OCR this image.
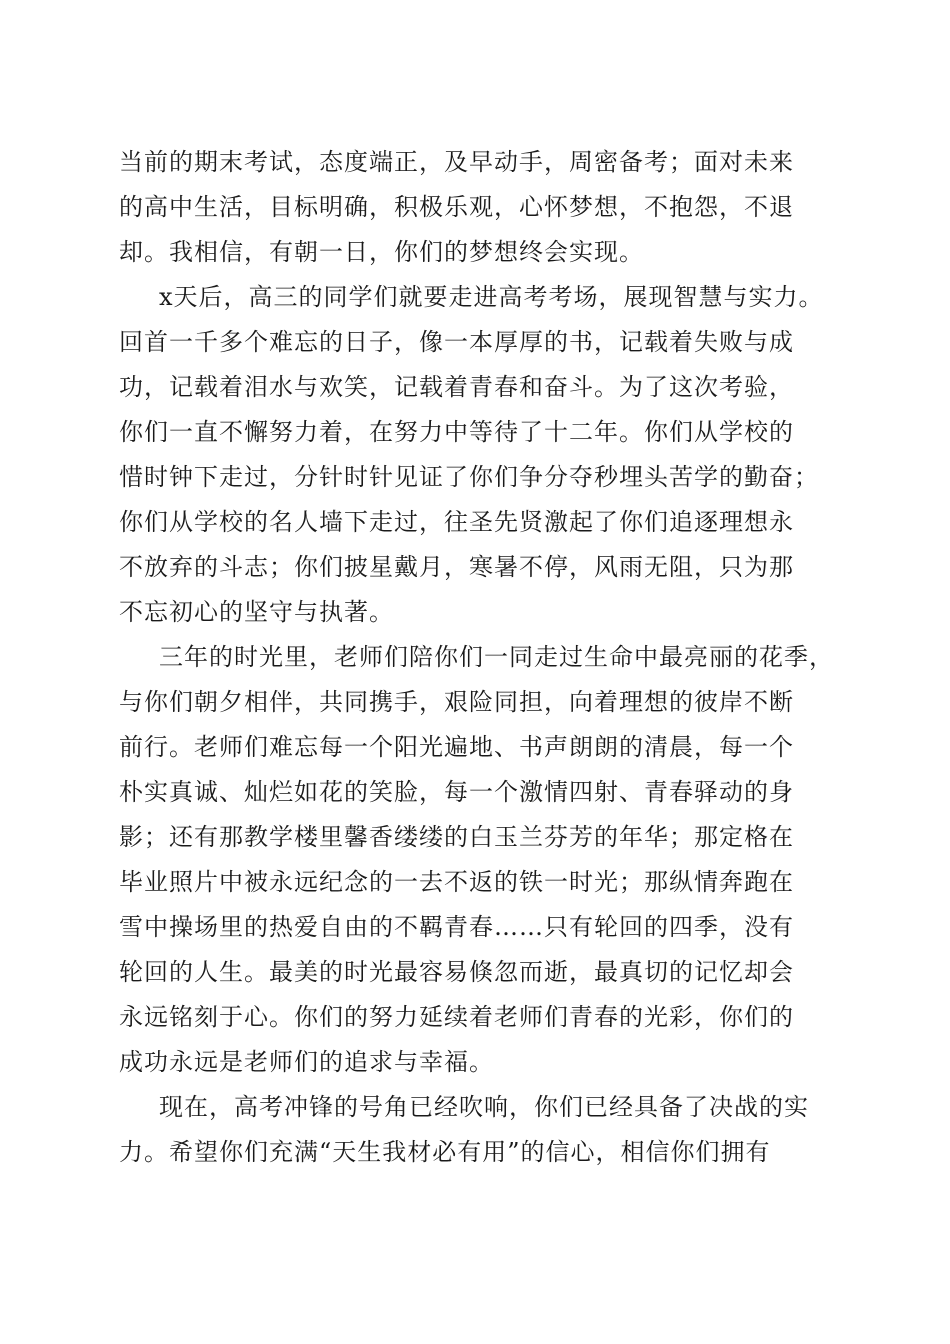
当前的期末考试，态度端正，及早动手，周密备考；面对未来
的高中生活，目标明确，积极乐观，心怀梦想，不抱怨，不退
却。我相信，有朝一日，你们的梦想终会实现。
x天后，高三的同学们就要走进高考考场，展现智慧与实力。
回首一千多个难忘的日子，像一本厚厚的书，记载着失败与成
功，记载着泪水与欢笑，记载着青春和奋斗。为了这次考验，
你们一直不懈努力着，在努力中等待了十二年。你们从学校的
惜时钟下走过，分针时针见证了你们争分夺秒埋头苦学的勤奋；
你们从学校的名人墙下走过，往圣先贤激起了你们追逐理想永
不放弃的斗志；你们披星戴月，寒暑不停，风雨无阻，只为那
不忘初心的坚守与执著。
三年的时光里，老师们陪你们一同走过生命中最亮丽的花季，
与你们朝夕相伴，共同携手，艰险同担，向着理想的彼岸不断
前行。老师们难忘每一个阳光遍地、书声朗朗的清晨，每一个
朴实真诚、灿烂如花的笑脸，每一个激情四射、青春驿动的身
影；还有那教学楼里馨香缕缕的白玉兰芬芳的年华；那定格在
毕业照片中被永远纪念的一去不返的铁一时光；那纵情奔跑在
雪中操场里的热爱自由的不羁青春……只有轮回的四季，没有
轮回的人生。最美的时光最容易倏忽而逝，最真切的记忆却会
永远铭刻于心。你们的努力延续着老师们青春的光彩，你们的
成功永远是老师们的追求与幸福。
现在，高考冲锋的号角已经吹响，你们已经具备了决战的实
力。希望你们充满“天生我材必有用”的信心，相信你们拥有
